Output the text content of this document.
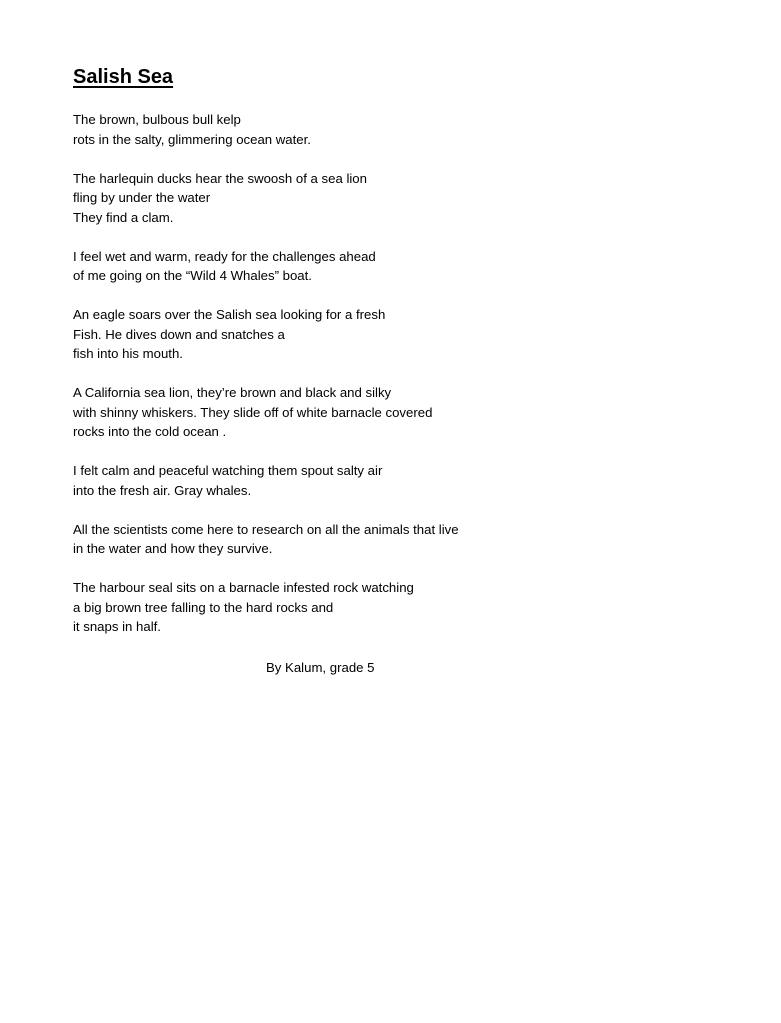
Salish Sea
The brown, bulbous bull kelp
rots in the salty, glimmering ocean water.
The harlequin ducks hear the swoosh of a sea lion
fling by under the water
They find a clam.
I feel wet and warm, ready for the challenges ahead
of me going on the “Wild 4 Whales” boat.
An eagle soars over the Salish sea looking for a fresh
Fish. He dives down and snatches a
fish into his mouth.
A California sea lion, they’re brown and black and silky
with shinny whiskers. They slide off of white barnacle covered
rocks into the cold ocean .
I felt calm and peaceful watching them spout salty air
into the fresh air. Gray whales.
All the scientists come here to research on all the animals that live
in the water and how they survive.
The harbour seal sits on a barnacle infested rock watching
a big brown tree falling to the hard rocks and
it snaps in half.
By Kalum, grade 5
